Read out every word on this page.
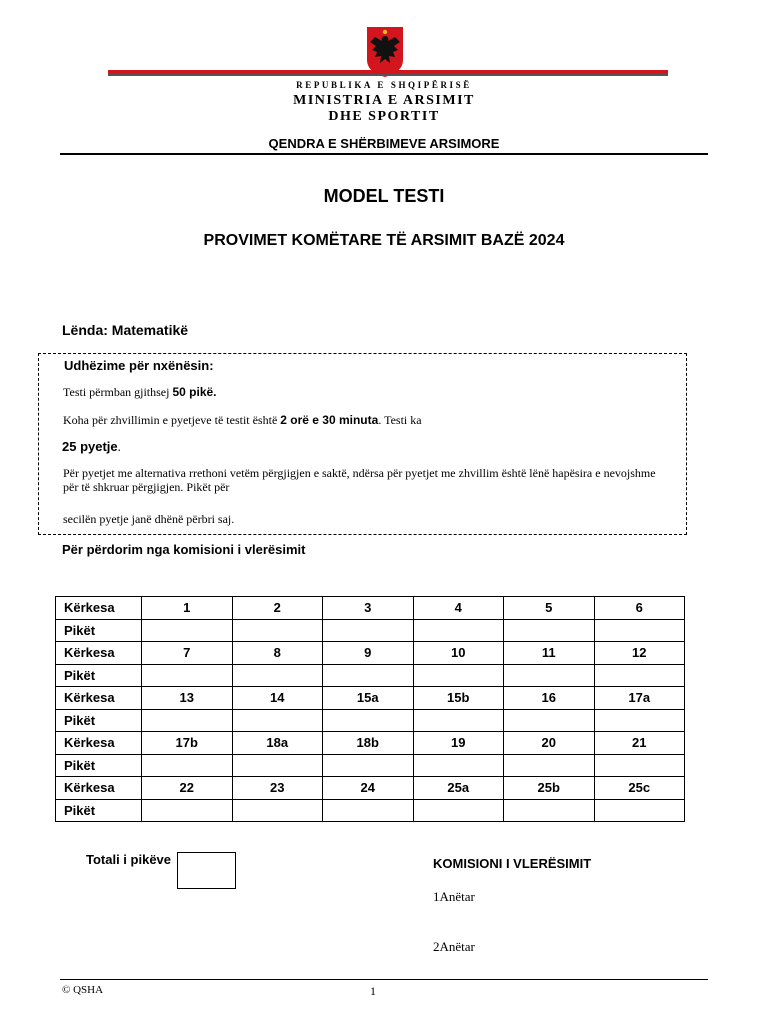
REPUBLIKA E SHQIPËRISË
MINISTRIA E ARSIMIT
DHE SPORTIT
QENDRA E SHËRBIMEVE ARSIMORE
MODEL TESTI
PROVIMET KOMËTARE TË ARSIMIT BAZË 2024
Lënda: Matematikë
Udhëzime për nxënësin:
Testi përmban gjithsej 50 pikë.
Koha për zhvillimin e pyetjeve të testit është 2 orë e 30 minuta. Testi ka
25 pyetje.
Për pyetjet me alternativa rrethoni vetëm përgjigjen e saktë, ndërsa për pyetjet me zhvillim është lënë hapësira e nevojshme për të shkruar përgjigjen. Pikët për
secilën pyetje janë dhënë përbri saj.
Për përdorim nga komisioni i vlerësimit
Kërkesa	1	2	3	4	5	6
Pikët						
Kërkesa	7	8	9	10	11	12
Pikët						
Kërkesa	13	14	15a	15b	16	17a
Pikët						
Kërkesa	17b	18a	18b	19	20	21
Pikët						
Kërkesa	22	23	24	25a	25b	25c
Pikët						
Totali i pikëve	KOMISIONI I VLERËSIMIT
1Anëtar
2Anëtar
© QSHA	1
